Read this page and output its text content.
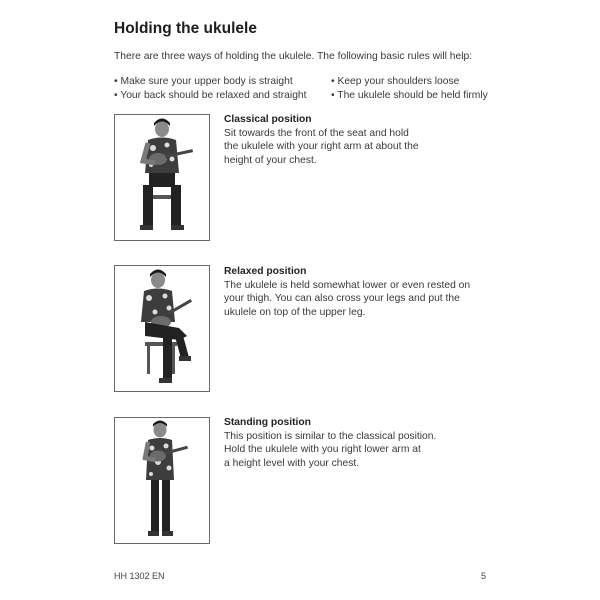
Holding the ukulele
There are three ways of holding the ukulele. The following basic rules will help:
• Make sure your upper body is straight
• Your back should be relaxed and straight
• Keep your shoulders loose
• The ukulele should be held firmly
Classical position
Sit towards the front of the seat and hold
the ukulele with your right arm at about the
height of your chest.
Relaxed position
The ukulele is held somewhat lower or even rested on
your thigh. You can also cross your legs and put the
ukulele on top of the upper leg.
Standing position
This position is similar to the classical position.
Hold the ukulele with you right lower arm at
a height level with your chest.
HH 1302 EN	5
